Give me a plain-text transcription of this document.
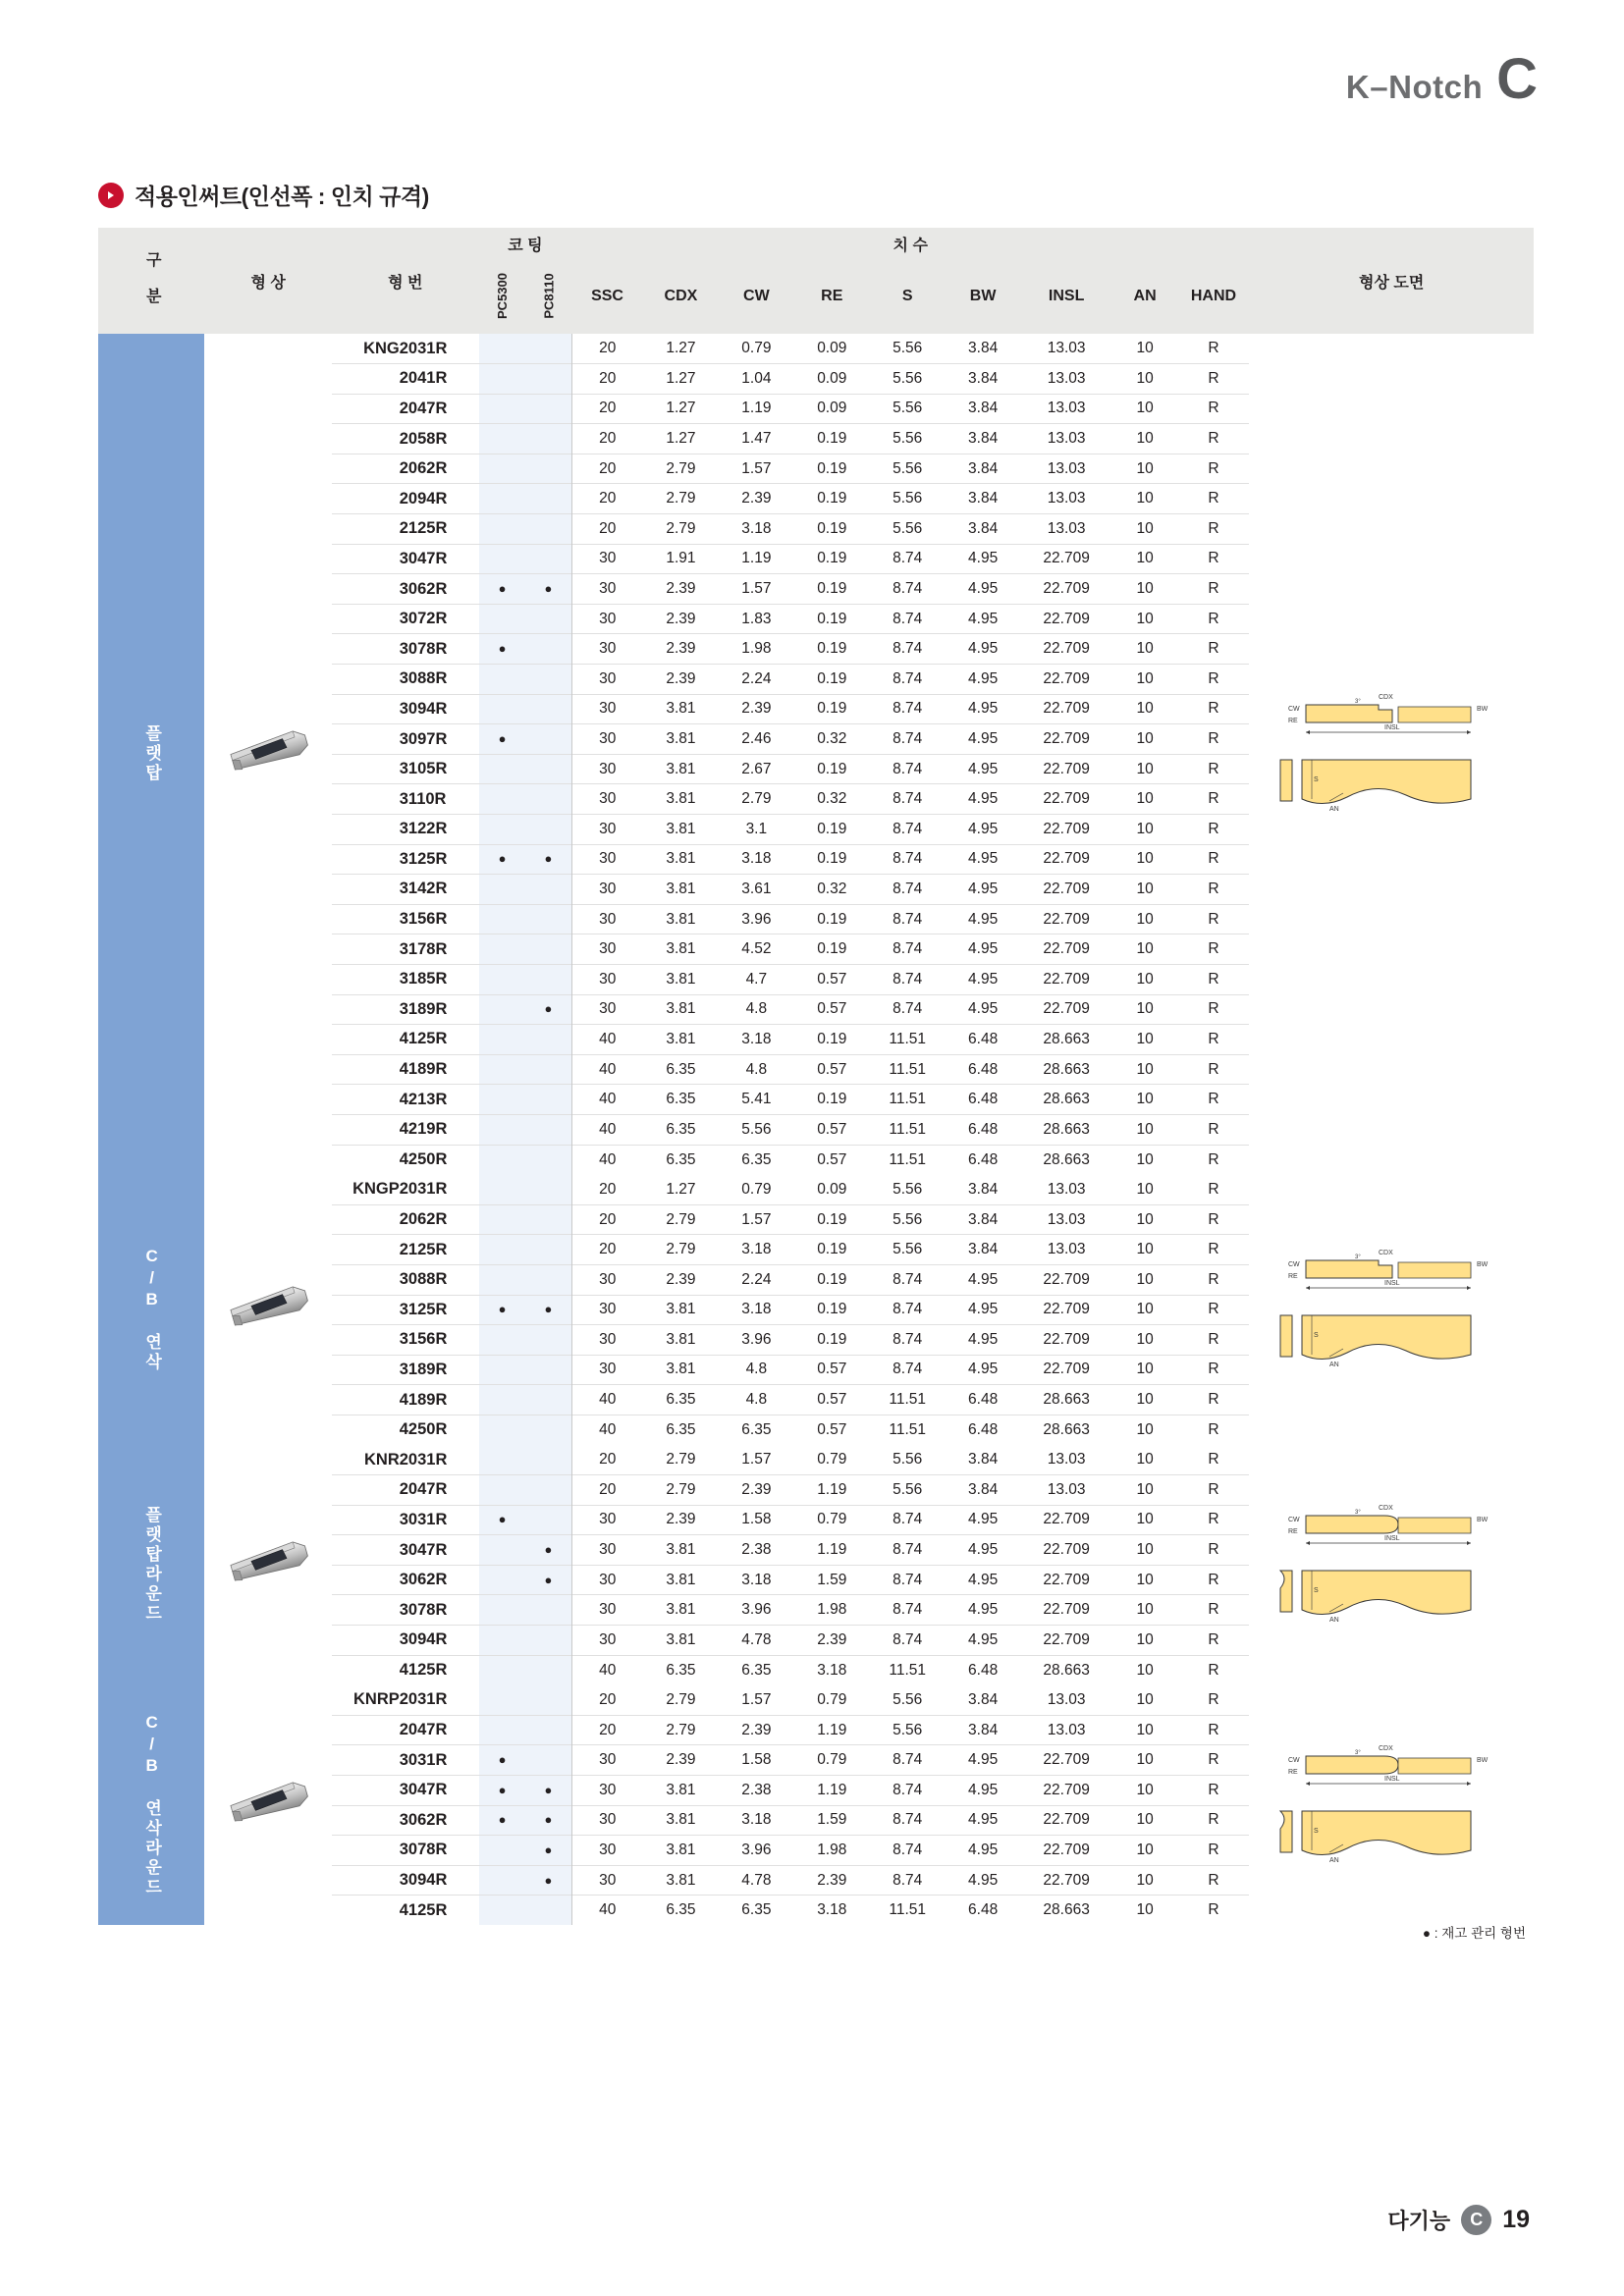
K–Notch C
적용인써트(인선폭 : 인치 규격)
구 분	형 상	형 번		코 팅		치 수									형상 도면
				PC5300	PC8110	SSC	CDX	CW	RE	S	BW	INSL	AN	HAND	

플랫탑
		KNG	2031R			20	1.27	0.79	0.09	5.56	3.84	13.03	10	R	
INSL
CDX
3°
CW
RE
BW
S
AN

			2041R			20	1.27	1.04	0.09	5.56	3.84	13.03	10	R	
			2047R			20	1.27	1.19	0.09	5.56	3.84	13.03	10	R	
			2058R			20	1.27	1.47	0.19	5.56	3.84	13.03	10	R	
			2062R			20	2.79	1.57	0.19	5.56	3.84	13.03	10	R	
			2094R			20	2.79	2.39	0.19	5.56	3.84	13.03	10	R	
			2125R			20	2.79	3.18	0.19	5.56	3.84	13.03	10	R	
			3047R			30	1.91	1.19	0.19	8.74	4.95	22.709	10	R	
			3062R	●	●	30	2.39	1.57	0.19	8.74	4.95	22.709	10	R	
			3072R			30	2.39	1.83	0.19	8.74	4.95	22.709	10	R	
			3078R	●		30	2.39	1.98	0.19	8.74	4.95	22.709	10	R	
			3088R			30	2.39	2.24	0.19	8.74	4.95	22.709	10	R	
			3094R			30	3.81	2.39	0.19	8.74	4.95	22.709	10	R	
			3097R	●		30	3.81	2.46	0.32	8.74	4.95	22.709	10	R	
			3105R			30	3.81	2.67	0.19	8.74	4.95	22.709	10	R	
			3110R			30	3.81	2.79	0.32	8.74	4.95	22.709	10	R	
			3122R			30	3.81	3.1	0.19	8.74	4.95	22.709	10	R	
			3125R	●	●	30	3.81	3.18	0.19	8.74	4.95	22.709	10	R	
			3142R			30	3.81	3.61	0.32	8.74	4.95	22.709	10	R	
			3156R			30	3.81	3.96	0.19	8.74	4.95	22.709	10	R	
			3178R			30	3.81	4.52	0.19	8.74	4.95	22.709	10	R	
			3185R			30	3.81	4.7	0.57	8.74	4.95	22.709	10	R	
			3189R		●	30	3.81	4.8	0.57	8.74	4.95	22.709	10	R	
			4125R			40	3.81	3.18	0.19	11.51	6.48	28.663	10	R	
			4189R			40	6.35	4.8	0.57	11.51	6.48	28.663	10	R	
			4213R			40	6.35	5.41	0.19	11.51	6.48	28.663	10	R	
			4219R			40	6.35	5.56	0.57	11.51	6.48	28.663	10	R	
			4250R			40	6.35	6.35	0.57	11.51	6.48	28.663	10	R	

C/B 연삭
		KNGP	2031R			20	1.27	0.79	0.09	5.56	3.84	13.03	10	R	
INSL
CDX
3°
CW
RE
BW
S
AN

			2062R			20	2.79	1.57	0.19	5.56	3.84	13.03	10	R	
			2125R			20	2.79	3.18	0.19	5.56	3.84	13.03	10	R	
			3088R			30	2.39	2.24	0.19	8.74	4.95	22.709	10	R	
			3125R	●	●	30	3.81	3.18	0.19	8.74	4.95	22.709	10	R	
			3156R			30	3.81	3.96	0.19	8.74	4.95	22.709	10	R	
			3189R			30	3.81	4.8	0.57	8.74	4.95	22.709	10	R	
			4189R			40	6.35	4.8	0.57	11.51	6.48	28.663	10	R	
			4250R			40	6.35	6.35	0.57	11.51	6.48	28.663	10	R	

플랫탑라운드
		KNR	2031R			20	2.79	1.57	0.79	5.56	3.84	13.03	10	R	
INSL
CDX
3°
CW
RE
BW
S
AN

			2047R			20	2.79	2.39	1.19	5.56	3.84	13.03	10	R	
			3031R	●		30	2.39	1.58	0.79	8.74	4.95	22.709	10	R	
			3047R		●	30	3.81	2.38	1.19	8.74	4.95	22.709	10	R	
			3062R		●	30	3.81	3.18	1.59	8.74	4.95	22.709	10	R	
			3078R			30	3.81	3.96	1.98	8.74	4.95	22.709	10	R	
			3094R			30	3.81	4.78	2.39	8.74	4.95	22.709	10	R	
			4125R			40	6.35	6.35	3.18	11.51	6.48	28.663	10	R	

C/B 연삭라운드
		KNRP	2031R			20	2.79	1.57	0.79	5.56	3.84	13.03	10	R	
INSL
CDX
3°
CW
RE
BW
S
AN

			2047R			20	2.79	2.39	1.19	5.56	3.84	13.03	10	R	
			3031R	●		30	2.39	1.58	0.79	8.74	4.95	22.709	10	R	
			3047R	●	●	30	3.81	2.38	1.19	8.74	4.95	22.709	10	R	
			3062R	●	●	30	3.81	3.18	1.59	8.74	4.95	22.709	10	R	
			3078R		●	30	3.81	3.96	1.98	8.74	4.95	22.709	10	R	
			3094R		●	30	3.81	4.78	2.39	8.74	4.95	22.709	10	R	
			4125R			40	6.35	6.35	3.18	11.51	6.48	28.663	10	R	
● : 재고 관리 형번
다기능	C 19
